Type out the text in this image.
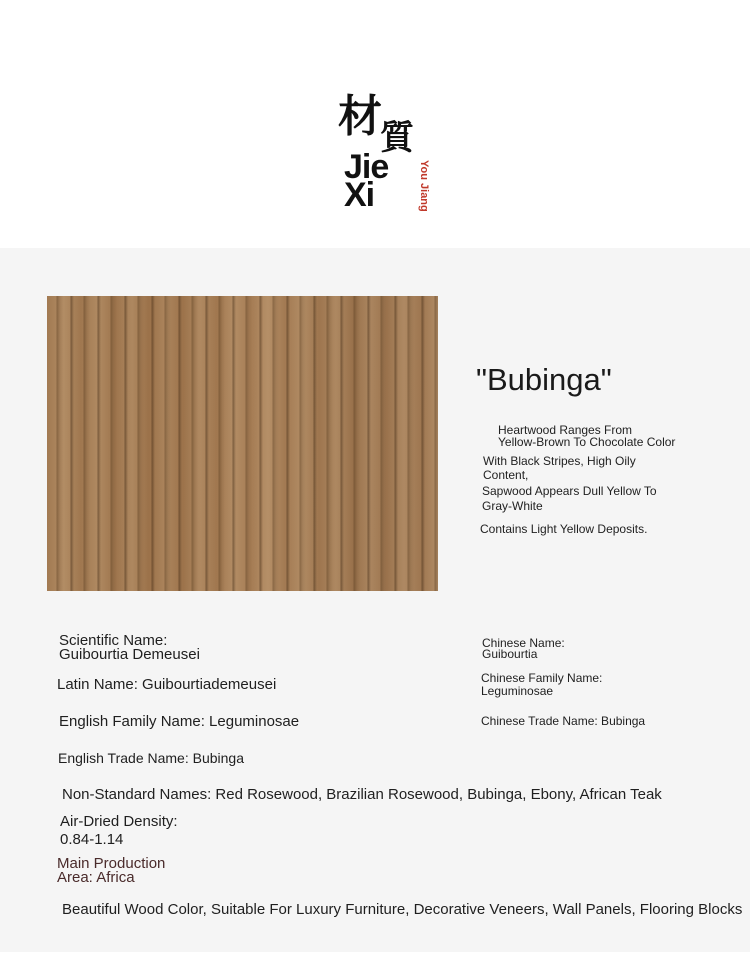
材 質
Jie
Xi	You Jiang
"Bubinga"
Heartwood Ranges From
Yellow-Brown To Chocolate Color
With Black Stripes, High Oily
Content,
Sapwood Appears Dull Yellow To
Gray-White
Contains Light Yellow Deposits.
Scientific Name:
Guibourtia Demeusei
Latin Name: Guibourtiademeusei
English Family Name: Leguminosae
English Trade Name: Bubinga
Non-Standard Names: Red Rosewood, Brazilian Rosewood, Bubinga, Ebony, African Teak
Air-Dried Density:
0.84-1.14
Main Production
Area: Africa
Beautiful Wood Color, Suitable For Luxury Furniture, Decorative Veneers, Wall Panels, Flooring Blocks
Chinese Name:
Guibourtia
Chinese Family Name:
Leguminosae
Chinese Trade Name: Bubinga
